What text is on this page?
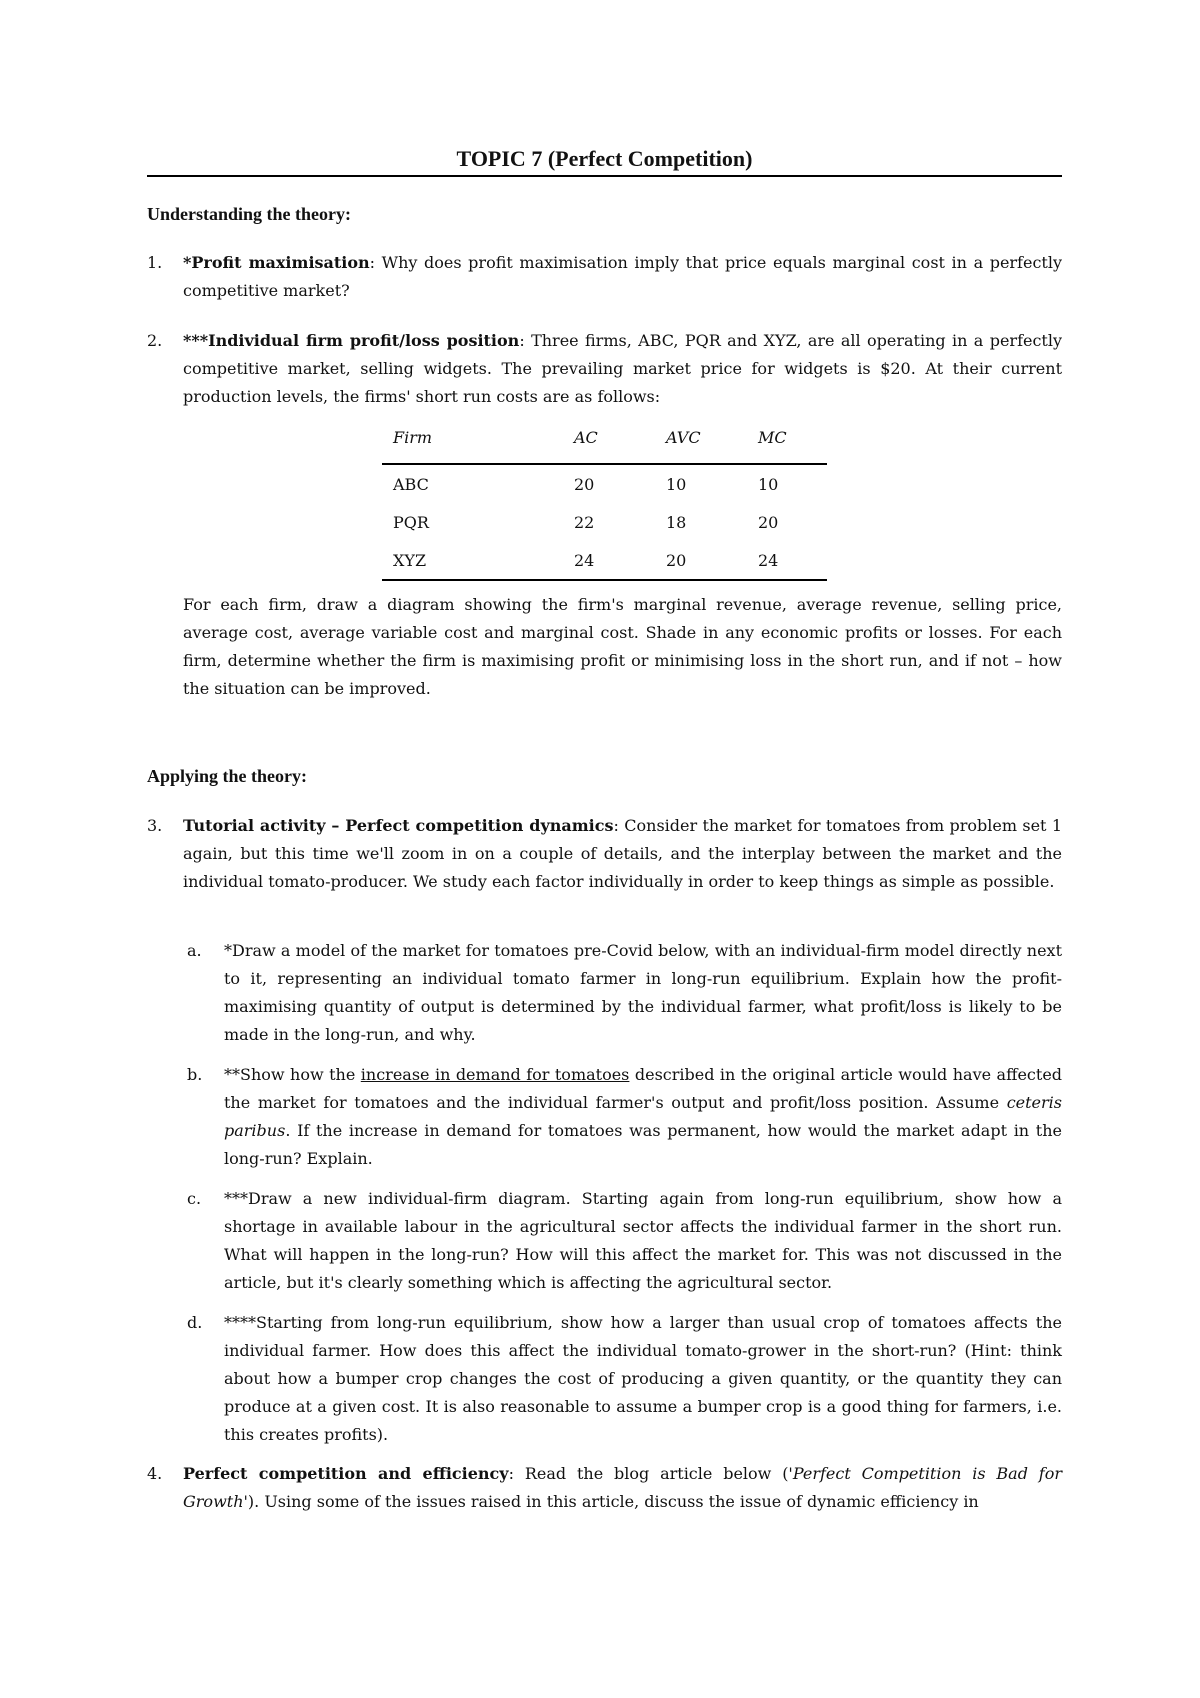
TOPIC 7 (Perfect Competition)
Understanding the theory:
1. *Profit maximisation: Why does profit maximisation imply that price equals marginal cost in a perfectly competitive market?
2. ***Individual firm profit/loss position: Three firms, ABC, PQR and XYZ, are all operating in a perfectly competitive market, selling widgets. The prevailing market price for widgets is $20. At their current production levels, the firms' short run costs are as follows:
Firm	AC	AVC	MC
ABC	20	10	10
PQR	22	18	20
XYZ	24	20	24
For each firm, draw a diagram showing the firm's marginal revenue, average revenue, selling price, average cost, average variable cost and marginal cost. Shade in any economic profits or losses. For each firm, determine whether the firm is maximising profit or minimising loss in the short run, and if not – how the situation can be improved.
Applying the theory:
3. Tutorial activity – Perfect competition dynamics: Consider the market for tomatoes from problem set 1 again, but this time we'll zoom in on a couple of details, and the interplay between the market and the individual tomato-producer. We study each factor individually in order to keep things as simple as possible.
a. *Draw a model of the market for tomatoes pre-Covid below, with an individual-firm model directly next to it, representing an individual tomato farmer in long-run equilibrium. Explain how the profit-maximising quantity of output is determined by the individual farmer, what profit/loss is likely to be made in the long-run, and why.
b. **Show how the increase in demand for tomatoes described in the original article would have affected the market for tomatoes and the individual farmer's output and profit/loss position. Assume ceteris paribus. If the increase in demand for tomatoes was permanent, how would the market adapt in the long-run? Explain.
c. ***Draw a new individual-firm diagram. Starting again from long-run equilibrium, show how a shortage in available labour in the agricultural sector affects the individual farmer in the short run. What will happen in the long-run? How will this affect the market for. This was not discussed in the article, but it's clearly something which is affecting the agricultural sector.
d. ****Starting from long-run equilibrium, show how a larger than usual crop of tomatoes affects the individual farmer. How does this affect the individual tomato-grower in the short-run? (Hint: think about how a bumper crop changes the cost of producing a given quantity, or the quantity they can produce at a given cost. It is also reasonable to assume a bumper crop is a good thing for farmers, i.e. this creates profits).
4. Perfect competition and efficiency: Read the blog article below ('Perfect Competition is Bad for Growth'). Using some of the issues raised in this article, discuss the issue of dynamic efficiency in
